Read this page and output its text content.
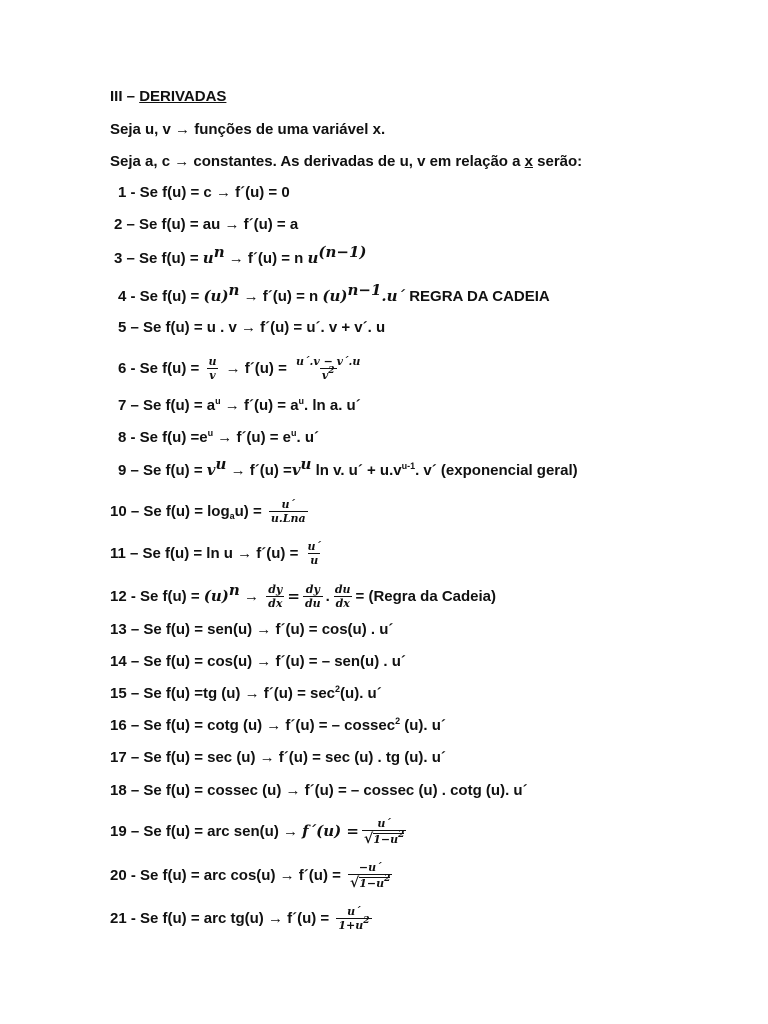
III – DERIVADAS
Seja u, v → funções de uma variável x.
Seja a, c → constantes. As derivadas de u, v em relação a x serão:
1 - Se f(u) = c → f´(u) = 0
2 – Se f(u) = au → f´(u) = a
3 – Se $f(u) = u^n$ → f´(u) = n $u^{(n-1)}$
4 - Se $f(u) = (u)^n$ → f´(u) = n $(u)^{n-1}.u´$ REGRA DA CADEIA
5 – Se f(u) = u . v → f´(u) = u´. v + v´. u
6 - Se $f(u) = \frac{u}{v}$ → f´(u) = $\frac{u´.v - v´.u}{v^2}$
7 – Se $f(u) = a^u$ → f´(u) = $a^u$. ln a. u´
8 - Se $f(u) =e^u$ → f´(u) = $e^u$. u´
9 – Se $f(u) = v^u$ → f´(u) $=v^u$ ln v. u´ + $u.v^{u-1}$. v´ (exponencial geral)
10 – Se $f(u) = \log_au) = \frac{u´}{\text{u.Lna}}$
11 – Se f(u) = ln u → f´(u) = $\frac{u´}{u}$
12 - Se $f(u) = (u)^n \to \frac{dy}{dx} = \frac{dy}{du}$ . $\frac{du}{dx}$ = (Regra da Cadeia)
13 – Se f(u) = sen(u) → f´(u) = cos(u) . u´
14 – Se f(u) = cos(u) → f´(u) = – sen(u) . u´
15 – Se f(u) =tg (u) → f´(u) = $\sec^2(u)$. u´
16 – Se f(u) = cotg (u) → f´(u) = – cossec$^2$ (u). u´
17 – Se f(u) = sec (u) → f´(u) = sec (u) . tg (u). u´
18 – Se f(u) = cossec (u) → f´(u) = – cossec (u) . cotg (u). u´
19 – Se f(u) = arc sen(u) → f´(u) = $\frac{u´}{√ 1-u^2}$
20 - Se f(u) = arc cos(u) → f´(u) = $\frac{-u´}{√ 1-u^2}$
21 - Se f(u) = arc tg(u) → f´(u) = $\frac{u´}{1+u^2}$
